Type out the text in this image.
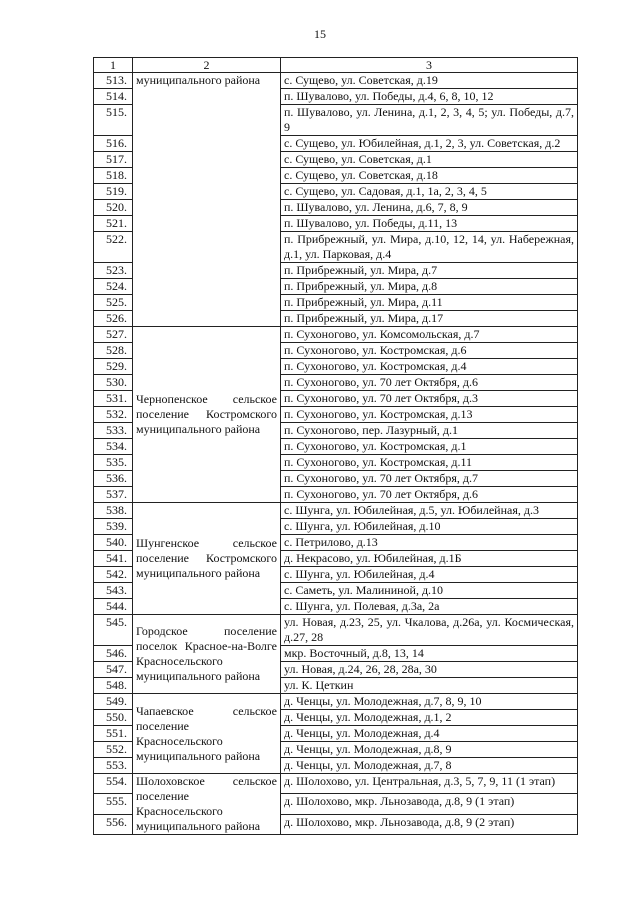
15
1	2	3
513.	муниципального района	с. Сущево, ул. Советская, д.19
514.		п. Шувалово, ул. Победы, д.4, 6, 8, 10, 12
515.		п. Шувалово, ул. Ленина, д.1, 2, 3, 4, 5; ул. Победы, д.7, 9
516.		с. Сущево, ул. Юбилейная, д.1, 2, 3, ул. Советская, д.2
517.		с. Сущево, ул. Советская, д.1
518.		с. Сущево, ул. Советская, д.18
519.		с. Сущево, ул. Садовая, д.1, 1а, 2, 3, 4, 5
520.		п. Шувалово, ул. Ленина, д.6, 7, 8, 9
521.		п. Шувалово, ул. Победы, д.11, 13
522.		п. Прибрежный, ул. Мира, д.10, 12, 14, ул. Набережная, д.1, ул. Парковая, д.4
523.		п. Прибрежный, ул. Мира, д.7
524.		п. Прибрежный, ул. Мира, д.8
525.		п. Прибрежный, ул. Мира, д.11
526.		п. Прибрежный, ул. Мира, д.17
527.	Чернопенское сельское поселение Костромского муниципального района	п. Сухоногово, ул. Комсомольская, д.7
528.		п. Сухоногово, ул. Костромская, д.6
529.		п. Сухоногово, ул. Костромская, д.4
530.		п. Сухоногово, ул. 70 лет Октября, д.6
531.		п. Сухоногово, ул. 70 лет Октября, д.3
532.		п. Сухоногово, ул. Костромская, д.13
533.		п. Сухоногово, пер. Лазурный, д.1
534.		п. Сухоногово, ул. Костромская, д.1
535.		п. Сухоногово, ул. Костромская, д.11
536.		п. Сухоногово, ул. 70 лет Октября, д.7
537.		п. Сухоногово, ул. 70 лет Октября, д.6
538.	Шунгенское сельское поселение Костромского муниципального района	с. Шунга, ул. Юбилейная, д.5, ул. Юбилейная, д.3
539.		с. Шунга, ул. Юбилейная, д.10
540.		с. Петрилово, д.13
541.		д. Некрасово, ул. Юбилейная, д.1Б
542.		с. Шунга, ул. Юбилейная, д.4
543.		с. Саметь, ул. Малининой, д.10
544.		с. Шунга, ул. Полевая, д.3а, 2а
545.	Городское поселение поселок Красное-на-Волге Красносельского муниципального района	ул. Новая, д.23, 25, ул. Чкалова, д.26а, ул. Космическая, д.27, 28
546.		мкр. Восточный, д.8, 13, 14
547.		ул. Новая, д.24, 26, 28, 28а, 30
548.		ул. К. Цеткин
549.	Чапаевское сельское поселение Красносельского муниципального района	д. Ченцы, ул. Молодежная, д.7, 8, 9, 10
550.		д. Ченцы, ул. Молодежная, д.1, 2
551.		д. Ченцы, ул. Молодежная, д.4
552.		д. Ченцы, ул. Молодежная, д.8, 9
553.		д. Ченцы, ул. Молодежная, д.7, 8
554.	Шолоховское сельское поселение Красносельского муниципального района	д. Шолохово, ул. Центральная, д.3, 5, 7, 9, 11 (1 этап)
555.		д. Шолохово, мкр. Льнозавода, д.8, 9 (1 этап)
556.		д. Шолохово, мкр. Льнозавода, д.8, 9 (2 этап)
